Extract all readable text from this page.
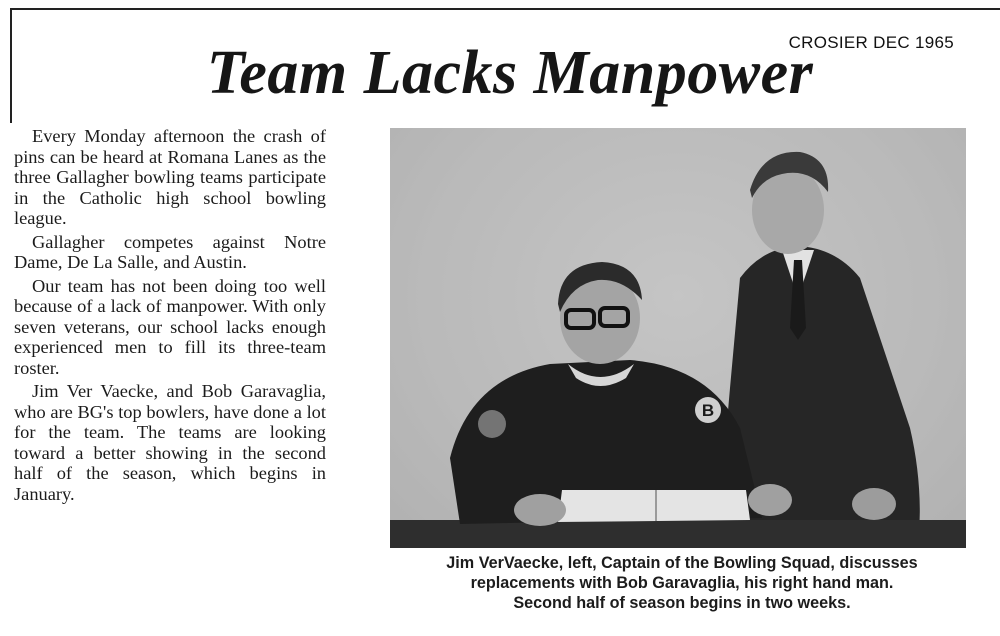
CROSIER DEC 1965
Team Lacks Manpower

Every Monday afternoon the crash of pins can be heard at Romana Lanes as the three Gallagher bowling teams participate in the Catholic high school bowling league.

Gallagher competes against Notre Dame, De La Salle, and Austin.

Our team has not been doing too well because of a lack of manpower. With only seven veterans, our school lacks enough experienced men to fill its three-team roster.

Jim Ver Vaecke, and Bob Garavaglia, who are BG's top bowlers, have done a lot for the team. The teams are looking toward a better showing in the second half of the season, which begins in January.

B
Jim VerVaecke, left, Captain of the Bowling Squad, discusses
replacements with Bob Garavaglia, his right hand man.
Second half of season begins in two weeks.
